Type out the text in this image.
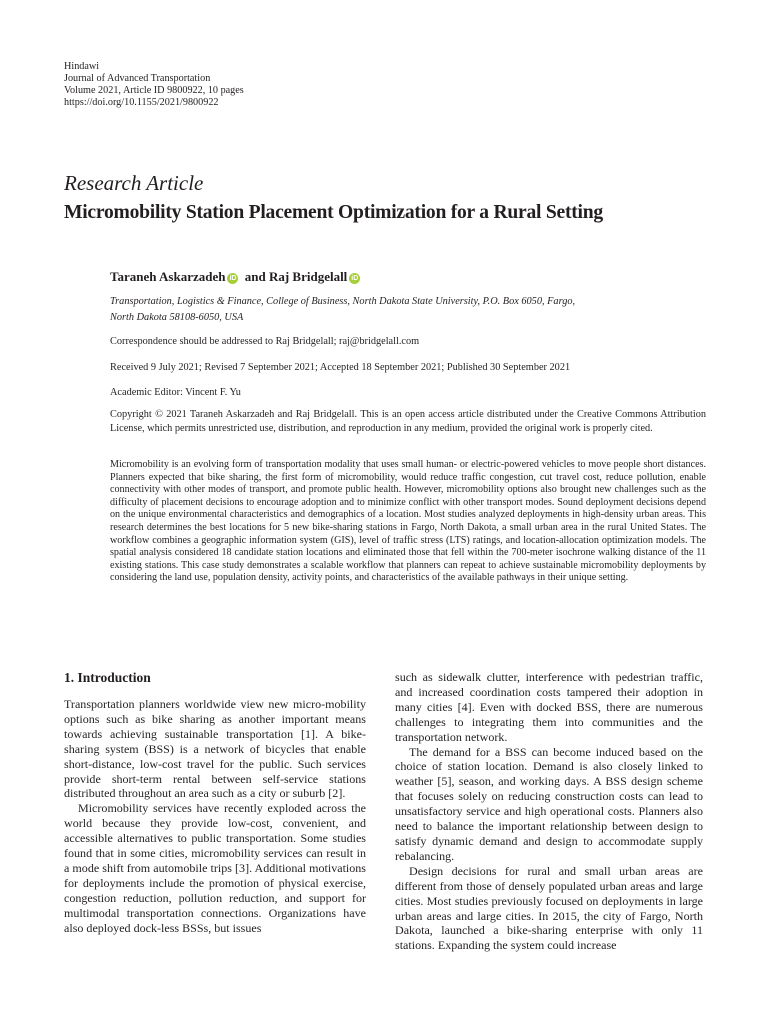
Hindawi
Journal of Advanced Transportation
Volume 2021, Article ID 9800922, 10 pages
https://doi.org/10.1155/2021/9800922
Research Article
Micromobility Station Placement Optimization for a Rural Setting
Taraneh Askarzadeh iD and Raj Bridgelall iD
Transportation, Logistics & Finance, College of Business, North Dakota State University, P.O. Box 6050, Fargo,
North Dakota 58108-6050, USA
Correspondence should be addressed to Raj Bridgelall; raj@bridgelall.com
Received 9 July 2021; Revised 7 September 2021; Accepted 18 September 2021; Published 30 September 2021
Academic Editor: Vincent F. Yu
Copyright © 2021 Taraneh Askarzadeh and Raj Bridgelall. This is an open access article distributed under the Creative Commons Attribution License, which permits unrestricted use, distribution, and reproduction in any medium, provided the original work is properly cited.
Micromobility is an evolving form of transportation modality that uses small human- or electric-powered vehicles to move people short distances. Planners expected that bike sharing, the first form of micromobility, would reduce traffic congestion, cut travel cost, reduce pollution, enable connectivity with other modes of transport, and promote public health. However, micromobility options also brought new challenges such as the difficulty of placement decisions to encourage adoption and to minimize conflict with other transport modes. Sound deployment decisions depend on the unique environmental characteristics and demographics of a location. Most studies analyzed deployments in high-density urban areas. This research determines the best locations for 5 new bike-sharing stations in Fargo, North Dakota, a small urban area in the rural United States. The workflow combines a geographic information system (GIS), level of traffic stress (LTS) ratings, and location-allocation optimization models. The spatial analysis considered 18 candidate station locations and eliminated those that fell within the 700-meter isochrone walking distance of the 11 existing stations. This case study demonstrates a scalable workflow that planners can repeat to achieve sustainable micromobility deployments by considering the land use, population density, activity points, and characteristics of the available pathways in their unique setting.
1. Introduction

Transportation planners worldwide view new micro-mobility options such as bike sharing as another important means towards achieving sustainable transportation [1]. A bike-sharing system (BSS) is a network of bicycles that enable short-distance, low-cost travel for the public. Such services provide short-term rental between self-service stations distributed throughout an area such as a city or suburb [2].

Micromobility services have recently exploded across the world because they provide low-cost, convenient, and accessible alternatives to public transportation. Some studies found that in some cities, micromobility services can result in a mode shift from automobile trips [3]. Additional motivations for deployments include the promotion of physical exercise, congestion reduction, pollution reduction, and support for multimodal transportation connections. Organizations have also deployed dock-less BSSs, but issues

such as sidewalk clutter, interference with pedestrian traffic, and increased coordination costs tampered their adoption in many cities [4]. Even with docked BSS, there are numerous challenges to integrating them into communities and the transportation network.

The demand for a BSS can become induced based on the choice of station location. Demand is also closely linked to weather [5], season, and working days. A BSS design scheme that focuses solely on reducing construction costs can lead to unsatisfactory service and high operational costs. Planners also need to balance the important relationship between design to satisfy dynamic demand and design to accommodate supply rebalancing.

Design decisions for rural and small urban areas are different from those of densely populated urban areas and large cities. Most studies previously focused on deployments in large urban areas and large cities. In 2015, the city of Fargo, North Dakota, launched a bike-sharing enterprise with only 11 stations. Expanding the system could increase
